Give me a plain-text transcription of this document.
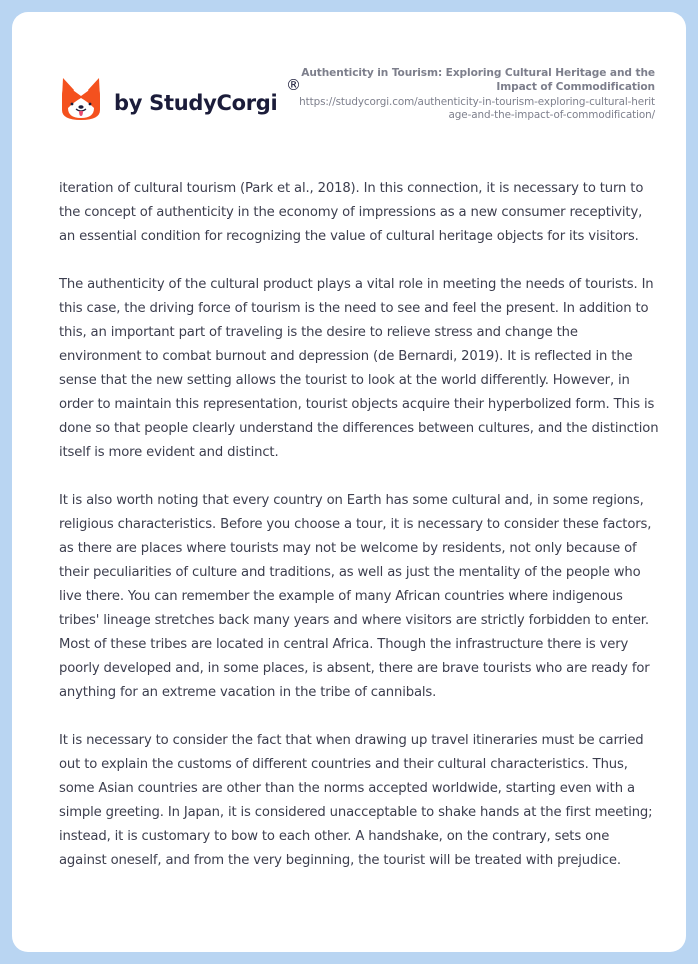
by StudyCorgi
®
Authenticity in Tourism: Exploring Cultural Heritage and the Impact of Commodification
https://studycorgi.com/authenticity-in-tourism-exploring-cultural-heritage-and-the-impact-of-commodification/

iteration of cultural tourism (Park et al., 2018). In this connection, it is necessary to turn to the concept of authenticity in the economy of impressions as a new consumer receptivity, an essential condition for recognizing the value of cultural heritage objects for its visitors.

The authenticity of the cultural product plays a vital role in meeting the needs of tourists. In this case, the driving force of tourism is the need to see and feel the present. In addition to this, an important part of traveling is the desire to relieve stress and change the environment to combat burnout and depression (de Bernardi, 2019). It is reflected in the sense that the new setting allows the tourist to look at the world differently. However, in order to maintain this representation, tourist objects acquire their hyperbolized form. This is done so that people clearly understand the differences between cultures, and the distinction itself is more evident and distinct.

It is also worth noting that every country on Earth has some cultural and, in some regions, religious characteristics. Before you choose a tour, it is necessary to consider these factors, as there are places where tourists may not be welcome by residents, not only because of their peculiarities of culture and traditions, as well as just the mentality of the people who live there. You can remember the example of many African countries where indigenous tribes' lineage stretches back many years and where visitors are strictly forbidden to enter. Most of these tribes are located in central Africa. Though the infrastructure there is very poorly developed and, in some places, is absent, there are brave tourists who are ready for anything for an extreme vacation in the tribe of cannibals.

It is necessary to consider the fact that when drawing up travel itineraries must be carried out to explain the customs of different countries and their cultural characteristics. Thus, some Asian countries are other than the norms accepted worldwide, starting even with a simple greeting. In Japan, it is considered unacceptable to shake hands at the first meeting; instead, it is customary to bow to each other. A handshake, on the contrary, sets one against oneself, and from the very beginning, the tourist will be treated with prejudice.
